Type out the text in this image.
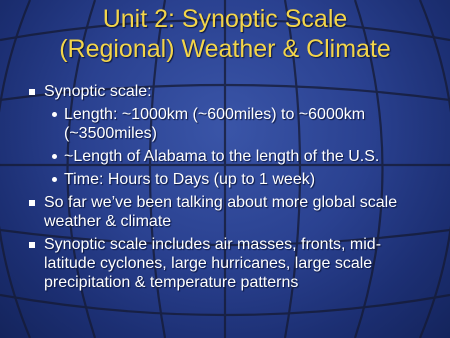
Unit 2: Synoptic Scale
(Regional) Weather & Climate
Synoptic scale:
Length: ~1000km (~600miles) to ~6000km (~3500miles)
~Length of Alabama to the length of the U.S.
Time: Hours to Days (up to 1 week)
So far we’ve been talking about more global scale weather & climate
Synoptic scale includes air masses, fronts, mid-latitude cyclones, large hurricanes, large scale precipitation & temperature patterns
